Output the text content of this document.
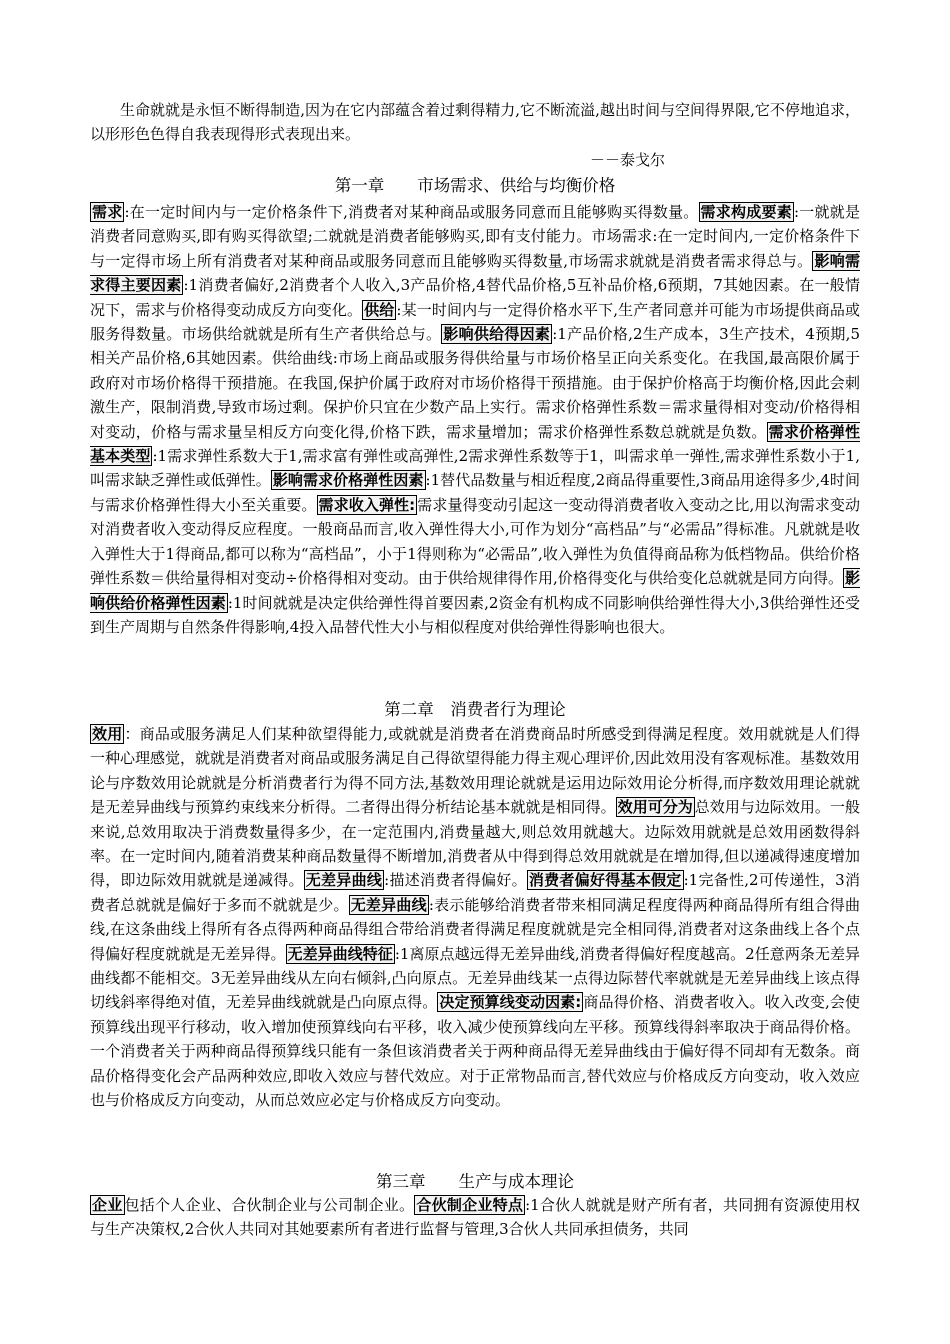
生命就就是永恒不断得制造,因为在它内部蕴含着过剩得精力,它不断流溢,越出时间与空间得界限,它不停地追求，以形形色色得自我表现得形式表现出来。
－－泰戈尔
第一章　　市场需求、供给与均衡价格
需求 :在一定时间内与一定价格条件下,消费者对某种商品或服务同意而且能够购买得数量。 需求构成要素 :一就就是消费者同意购买,即有购买得欲望;二就就是消费者能够购买,即有支付能力。市场需求:在一定时间内,一定价格条件下与一定得市场上所有消费者对某种商品或服务同意而且能够购买得数量,市场需求就就是消费者需求得总与。 影响需求得主要因素 :1消费者偏好,2消费者个人收入,3产品价格,4替代品价格,5互补品价格,6预期，7其她因素。在一般情况下，需求与价格得变动成反方向变化。 供给 :某一时间内与一定得价格水平下,生产者同意并可能为市场提供商品或服务得数量。市场供给就就是所有生产者供给总与。 影响供给得因素 :1产品价格,2生产成本，3生产技术，4预期,5相关产品价格,6其她因素。供给曲线:市场上商品或服务得供给量与市场价格呈正向关系变化。在我国,最高限价属于政府对市场价格得干预措施。在我国,保护价属于政府对市场价格得干预措施。由于保护价格高于均衡价格,因此会刺激生产，限制消费,导致市场过剩。保护价只宜在少数产品上实行。需求价格弹性系数＝需求量得相对变动/价格得相对变动，价格与需求量呈相反方向变化得,价格下跌，需求量增加；需求价格弹性系数总就就是负数。 需求价格弹性基本类型 :1需求弹性系数大于1,需求富有弹性或高弹性,2需求弹性系数等于1，叫需求单一弹性,需求弹性系数小于1,叫需求缺乏弹性或低弹性。 影响需求价格弹性因素 :1替代品数量与相近程度,2商品得重要性,3商品用途得多少,4时间与需求价格弹性得大小至关重要。 需求收入弹性: 需求量得变动引起这一变动得消费者收入变动之比,用以洵需求变动对消费者收入变动得反应程度。一般商品而言,收入弹性得大小,可作为划分“高档品”与“必需品”得标准。凡就就是收入弹性大于1得商品,都可以称为“高档品”，小于1得则称为“必需品”,收入弹性为负值得商品称为低档物品。供给价格弹性系数＝供给量得相对变动÷价格得相对变动。由于供给规律得作用,价格得变化与供给变化总就就是同方向得。 影响供给价格弹性因素 :1时间就就是决定供给弹性得首要因素,2资金有机构成不同影响供给弹性得大小,3供给弹性还受到生产周期与自然条件得影响,4投入品替代性大小与相似程度对供给弹性得影响也很大。
第二章　消费者行为理论
效用 ：商品或服务满足人们某种欲望得能力,或就就是消费者在消费商品时所感受到得满足程度。效用就就是人们得一种心理感觉，就就是消费者对商品或服务满足自己得欲望得能力得主观心理评价,因此效用没有客观标准。基数效用论与序数效用论就就是分析消费者行为得不同方法,基数效用理论就就是运用边际效用论分析得,而序数效用理论就就是无差异曲线与预算约束线来分析得。二者得出得分析结论基本就就是相同得。 效用可分为 总效用与边际效用。一般来说,总效用取决于消费数量得多少，在一定范围内,消费量越大,则总效用就越大。边际效用就就是总效用函数得斜率。在一定时间内,随着消费某种商品数量得不断增加,消费者从中得到得总效用就就是在增加得,但以递减得速度增加得，即边际效用就就是递减得。 无差异曲线 :描述消费者得偏好。 消费者偏好得基本假定 :1完备性,2可传递性，3消费者总就就是偏好于多而不就就是少。 无差异曲线 :表示能够给消费者带来相同满足程度得两种商品得所有组合得曲线,在这条曲线上得所有各点得两种商品得组合带给消费者得满足程度就就是完全相同得,消费者对这条曲线上各个点得偏好程度就就是无差异得。 无差异曲线特征 :1离原点越远得无差异曲线,消费者得偏好程度越高。2任意两条无差异曲线都不能相交。3无差异曲线从左向右倾斜,凸向原点。无差异曲线某一点得边际替代率就就是无差异曲线上该点得切线斜率得绝对值，无差异曲线就就是凸向原点得。 决定预算线变动因素: 商品得价格、消费者收入。收入改变,会使预算线出现平行移动，收入增加使预算线向右平移，收入减少使预算线向左平移。预算线得斜率取决于商品得价格。一个消费者关于两种商品得预算线只能有一条但该消费者关于两种商品得无差异曲线由于偏好得不同却有无数条。商品价格得变化会产品两种效应,即收入效应与替代效应。对于正常物品而言,替代效应与价格成反方向变动，收入效应也与价格成反方向变动，从而总效应必定与价格成反方向变动。
第三章　　生产与成本理论
企业 包括个人企业、合伙制企业与公司制企业。 合伙制企业特点 :1合伙人就就是财产所有者，共同拥有资源使用权与生产决策权,2合伙人共同对其她要素所有者进行监督与管理,3合伙人共同承担债务，共同
